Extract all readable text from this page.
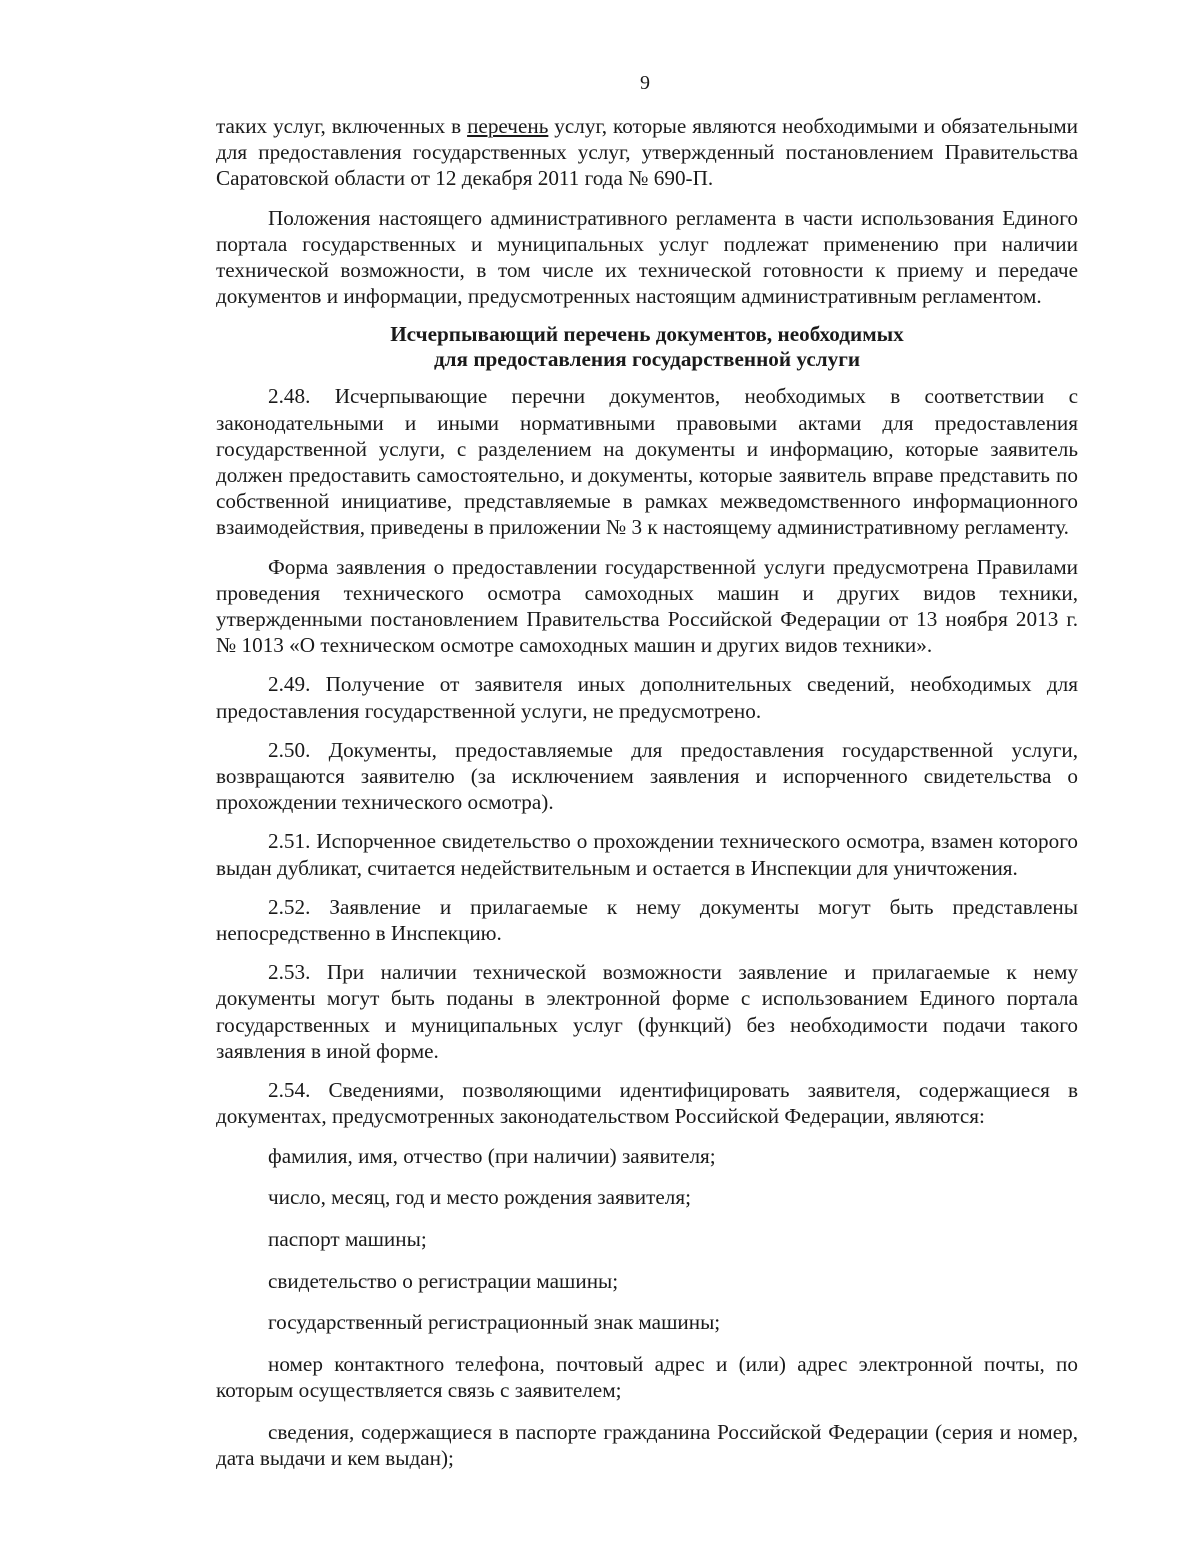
9

таких услуг, включенных в перечень услуг, которые являются необходимыми и обязательными для предоставления государственных услуг, утвержденный постановлением Правительства Саратовской области от 12 декабря 2011 года № 690-П.

Положения настоящего административного регламента в части использования Единого портала государственных и муниципальных услуг подлежат применению при наличии технической возможности, в том числе их технической готовности к приему и передаче документов и информации, предусмотренных настоящим административным регламентом.

Исчерпывающий перечень документов, необходимых
для предоставления государственной услуги

2.48. Исчерпывающие перечни документов, необходимых в соответствии с законодательными и иными нормативными правовыми актами для предоставления государственной услуги, с разделением на документы и информацию, которые заявитель должен предоставить самостоятельно, и документы, которые заявитель вправе представить по собственной инициативе, представляемые в рамках межведомственного информационного взаимодействия, приведены в приложении № 3 к настоящему административному регламенту.

Форма заявления о предоставлении государственной услуги предусмотрена Правилами проведения технического осмотра самоходных машин и других видов техники, утвержденными постановлением Правительства Российской Федерации от 13 ноября 2013 г. № 1013 «О техническом осмотре самоходных машин и других видов техники».

2.49. Получение от заявителя иных дополнительных сведений, необходимых для предоставления государственной услуги, не предусмотрено.

2.50. Документы, предоставляемые для предоставления государственной услуги, возвращаются заявителю (за исключением заявления и испорченного свидетельства о прохождении технического осмотра).

2.51. Испорченное свидетельство о прохождении технического осмотра, взамен которого выдан дубликат, считается недействительным и остается в Инспекции для уничтожения.

2.52. Заявление и прилагаемые к нему документы могут быть представлены непосредственно в Инспекцию.

2.53. При наличии технической возможности заявление и прилагаемые к нему документы могут быть поданы в электронной форме с использованием Единого портала государственных и муниципальных услуг (функций) без необходимости подачи такого заявления в иной форме.

2.54. Сведениями, позволяющими идентифицировать заявителя, содержащиеся в документах, предусмотренных законодательством Российской Федерации, являются:

фамилия, имя, отчество (при наличии) заявителя;

число, месяц, год и место рождения заявителя;

паспорт машины;

свидетельство о регистрации машины;

государственный регистрационный знак машины;

номер контактного телефона, почтовый адрес и (или) адрес электронной почты, по которым осуществляется связь с заявителем;

сведения, содержащиеся в паспорте гражданина Российской Федерации (серия и номер, дата выдачи и кем выдан);
